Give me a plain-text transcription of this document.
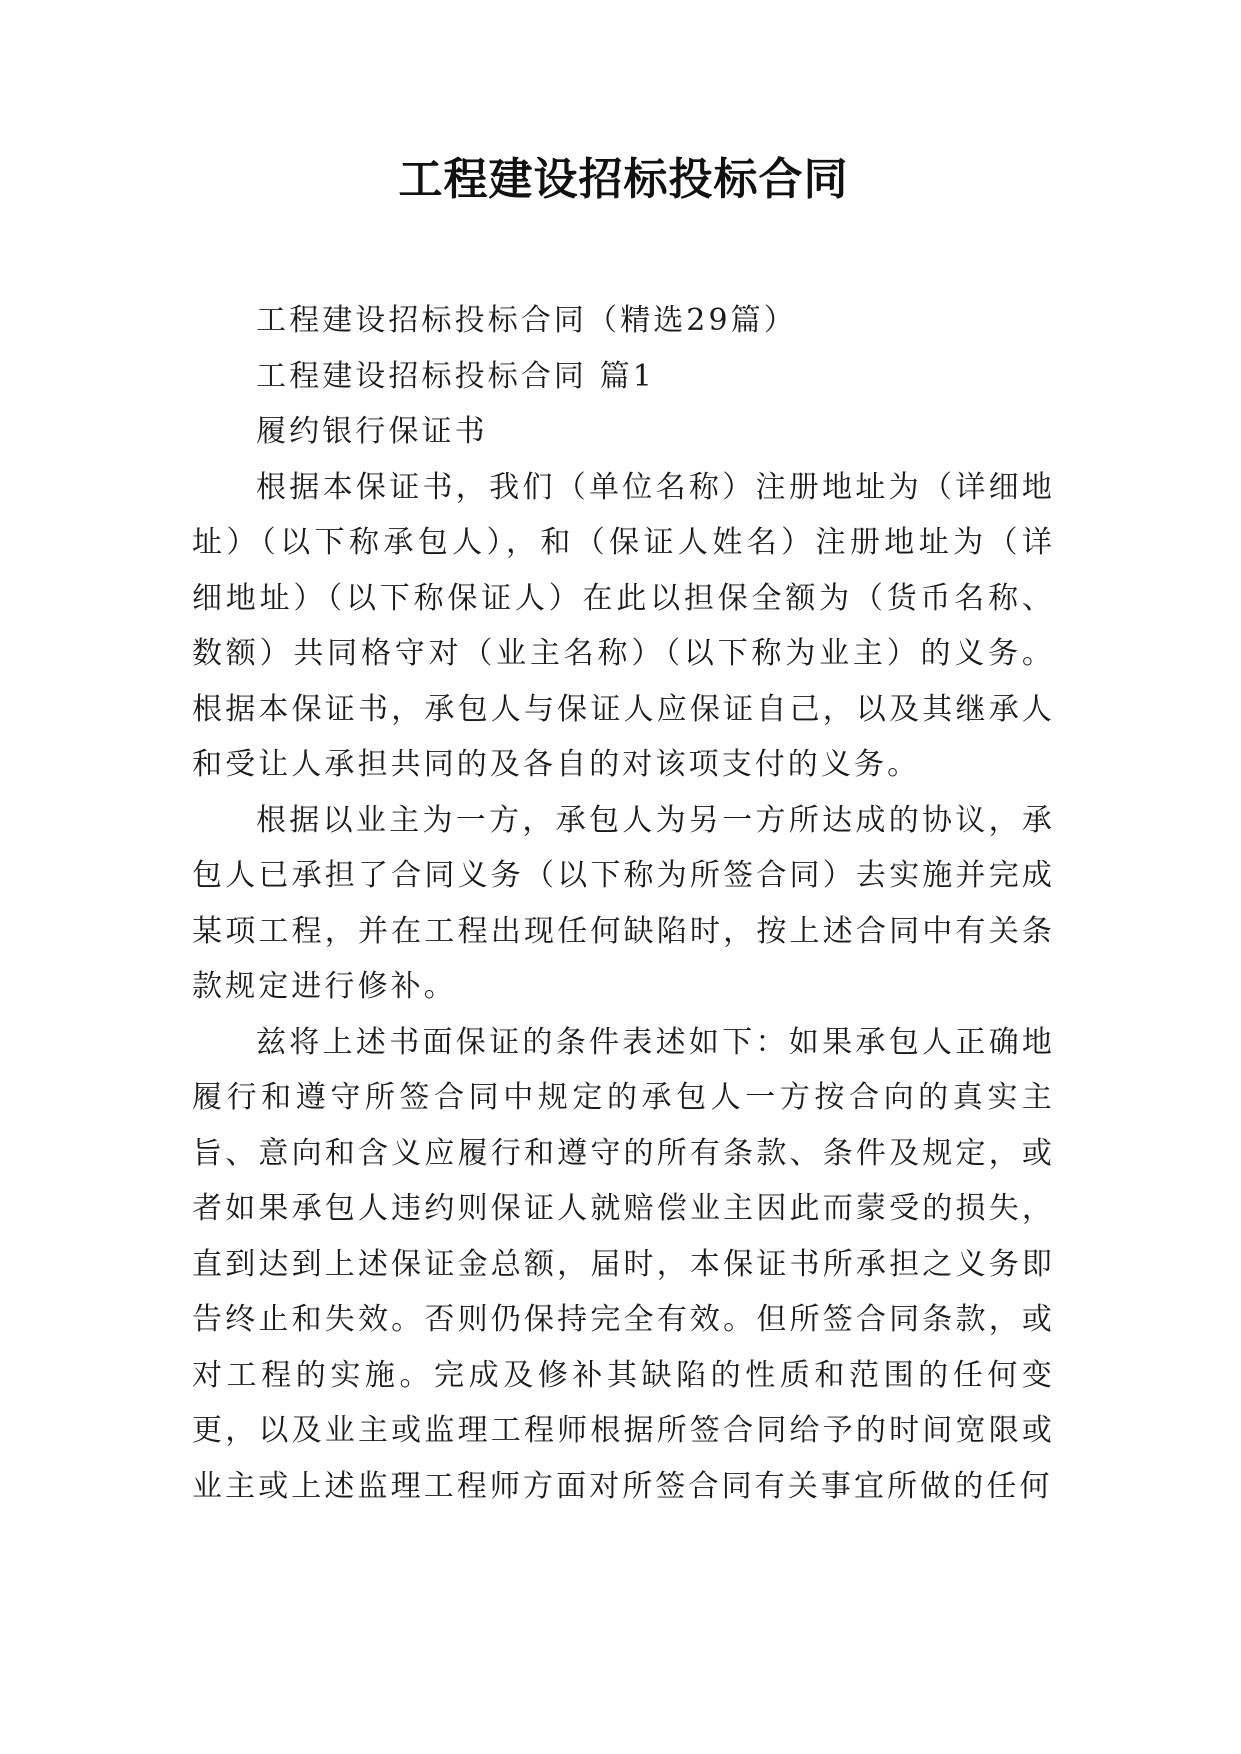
工程建设招标投标合同

工程建设招标投标合同（精选29篇）

工程建设招标投标合同 篇1

履约银行保证书

根据本保证书，我们（单位名称）注册地址为（详细地址）（以下称承包人），和（保证人姓名）注册地址为（详细地址）（以下称保证人）在此以担保全额为（货币名称、数额）共同格守对（业主名称）（以下称为业主）的义务。根据本保证书，承包人与保证人应保证自己，以及其继承人和受让人承担共同的及各自的对该项支付的义务。

根据以业主为一方，承包人为另一方所达成的协议，承包人已承担了合同义务（以下称为所签合同）去实施并完成某项工程，并在工程出现任何缺陷时，按上述合同中有关条款规定进行修补。

兹将上述书面保证的条件表述如下：如果承包人正确地履行和遵守所签合同中规定的承包人一方按合向的真实主旨、意向和含义应履行和遵守的所有条款、条件及规定，或者如果承包人违约则保证人就赔偿业主因此而蒙受的损失，直到达到上述保证金总额，届时，本保证书所承担之义务即告终止和失效。否则仍保持完全有效。但所签合同条款，或对工程的实施。完成及修补其缺陷的性质和范围的任何变更，以及业主或监理工程师根据所签合同给予的时间宽限或业主或上述监理工程师方面对所签合同有关事宜所做的任何
